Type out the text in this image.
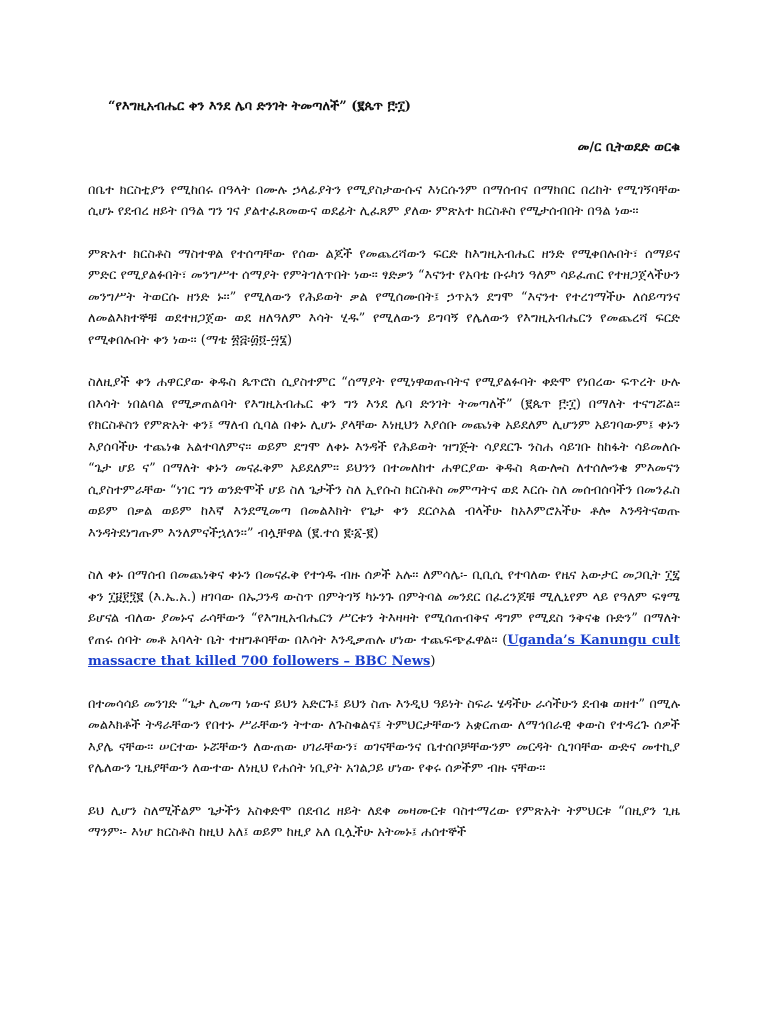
“የእግዚአብሔር ቀን እንደ ሌባ ድንገት ትመጣለች” (፪ጴጥ ፫፡፲)
መ/ር ቢትወደድ ወርቁ

በቤተ ክርስቲያን የሚከበሩ በዓላት በሙሉ ኃላፊያትን የሚያስታውሱና እነርሱንም በማሰብና በማክበር በረከት የሚገኝባቸው ሲሆኑ የደብረ ዘይት በዓል ግን ገና ያልተፈጸመውና ወደፊት ሊፈጸም ያለው ምጽአተ ክርስቶስ የሚታሰብበት በዓል ነው፡፡

ምጽአተ ክርስቶስ ማስተዋል የተሰጣቸው የሰው ልጆች የመጨረሻውን ፍርድ ከእግዚአብሔር ዘንድ የሚቀበሉበት፣ ሰማይና ምድር የሚያልፉበት፣ መንግሥተ ሰማያት የምትገለጥበት ነው፡፡ ፃድቃን “እናንተ የአባቴ ቡሩካን ዓለም ሳይፈጠር የተዘጋጀላችሁን መንግሥት ትወርሱ ዘንድ ኑ፡፡” የሚለውን የሕይወት ቃል የሚሰሙበት፤ ኃጥአን ደግሞ “እናንተ የተረገማችሁ ለሰይጣንና ለመልእክተኞቹ ወደተዘጋጀው ወደ ዘለዓለም እሳት ሂዱ” የሚለውን ይግባኝ የሌለውን የእግዚአብሔርን የመጨረሻ ፍርድ የሚቀበሉበት ቀን ነው፡፡ (ማቴ ፳፭፡፴፬-፵፮)

ስለዚያች ቀን ሐዋርያው ቅዱስ ጴጥሮስ ሲያስተምር “ሰማያት የሚነዋወጡባትና የሚያልፉባት ቀድሞ የነበረው ፍጥረት ሁሉ በእሳት ነበልባል የሚቃጠልባት የእግዚአብሔር ቀን ግን እንደ ሌባ ድንገት ትመጣለች” (፪ጴጥ ፫፡፲) በማለት ተናግሯል፡፡ የክርስቶስን የምጽአት ቀን፤ ማለብ ሲባል በቀኑ ሊሆኑ ያላቸው እነዚህን እያሰቡ መጨነቅ አይደለም ሊሆንም አይገባውም፤ ቀኑን እያሰባችሁ ተጨነቁ አልተባለምና፡፡ ወይም ደግሞ ለቀኑ እንዳች የሕይወት ዝግጅት ሳያደርጉ ንስሐ ሳይገቡ ከከፋት ሳይመለሱ “ጌታ ሆይ ና” በማለት ቀኑን መናፈቅም አይደለም፡፡ ይህንን በተመለከተ ሐዋርያው ቅዱስ ጳውሎስ ለተሰሎንቄ ምእመናን ሲያስተምራቸው “ነገር ግን ወንድሞች ሆይ ስለ ጌታችን ስለ ኢየሱስ ክርስቶስ መምጣትና ወደ እርሱ ስለ መሰብሰባችን በመንፈስ ወይም በቃል ወይም ከእኛ እንደሚመጣ በመልእክት የጌታ ቀን ደርሶአል ብላችሁ ከአእምሮአችሁ ቶሎ እንዳትናወጡ እንዳትደነግጡም እንለምናችኋለን፡፡” ብሏቸዋል (፪.ተሰ ፪፡፩-፪)

ስለ ቀኑ በማሰብ በመጨነቅና ቀኑን በመናፈቅ የተጎዱ ብዙ ሰዎች አሉ፡፡ ለምሳሌ፡- ቢቢሲ የተባለው የዜና አውታር መጋቢት ፲፯ ቀን ፲፱፻፺፪ (እ.ኤ.አ.) ዘገባው በኡጋንዳ ውስጥ በምትገኝ ካኑንጉ በምትባል መንደር በፈረንጆቹ ሚሊኒየም ላይ የዓለም ፍፃሜ ይሆናል ብለው ያመኑና ራሳቸውን “የእግዚአብሔርን ሥርቱን ትእዛዛት የሚሰጠብቅና ዳግም የሚደስ ንቅናቄ ቡድን” በማለት የጠሩ ሰባት መቶ አባላት ቤት ተዘግቶባቸው በእሳት እንዲቃጠሉ ሆነው ተጨፍጭፈዋል፡፡ (Uganda’s Kanungu cult massacre that killed 700 followers – BBC News)

በተመሳሳይ መንገድ “ጌታ ሊመጣ ነውና ይህን አድርጉ፤ ይህን ስጡ እንዲህ ዓይነት ስፍራ ሄዳችሁ ራሳችሁን ደብቁ ወዘተ” በሚሉ መልእክቶች ትዳራቸውን የበተኑ ሥራቸውን ትተው ለጉስቁልና፤ ትምህርታቸውን አቋርጠው ለማኅበራዊ ቀውስ የተዳረጉ ሰዎች እያሌ ናቸው፡፡ ሠርተው ኑሯቸውን ለውጠው ሀገራቸውን፣ ወገናቸውንና ቤተሰቦቻቸውንም መርዳት ሲገባቸው ውድና መተኪያ የሌለውን ጊዜያቸውን ለውተው ለነዚህ የሐሰት ነቢያት አገልጋይ ሆነው የቀሩ ሰዎችም ብዙ ናቸው፡፡

ይህ ሊሆን ስለሚችልም ጌታችን አስቀድሞ በደብረ ዘይት ለደቀ መዛሙርቱ ባስተማረው የምጽአት ትምህርቱ “በዚያን ጊዜ ማንም፡- እነሆ ክርስቶስ ከዚህ አለ፤ ወይም ከዚያ አለ ቢሏችሁ አትመኑ፤ ሐሰተኞች
